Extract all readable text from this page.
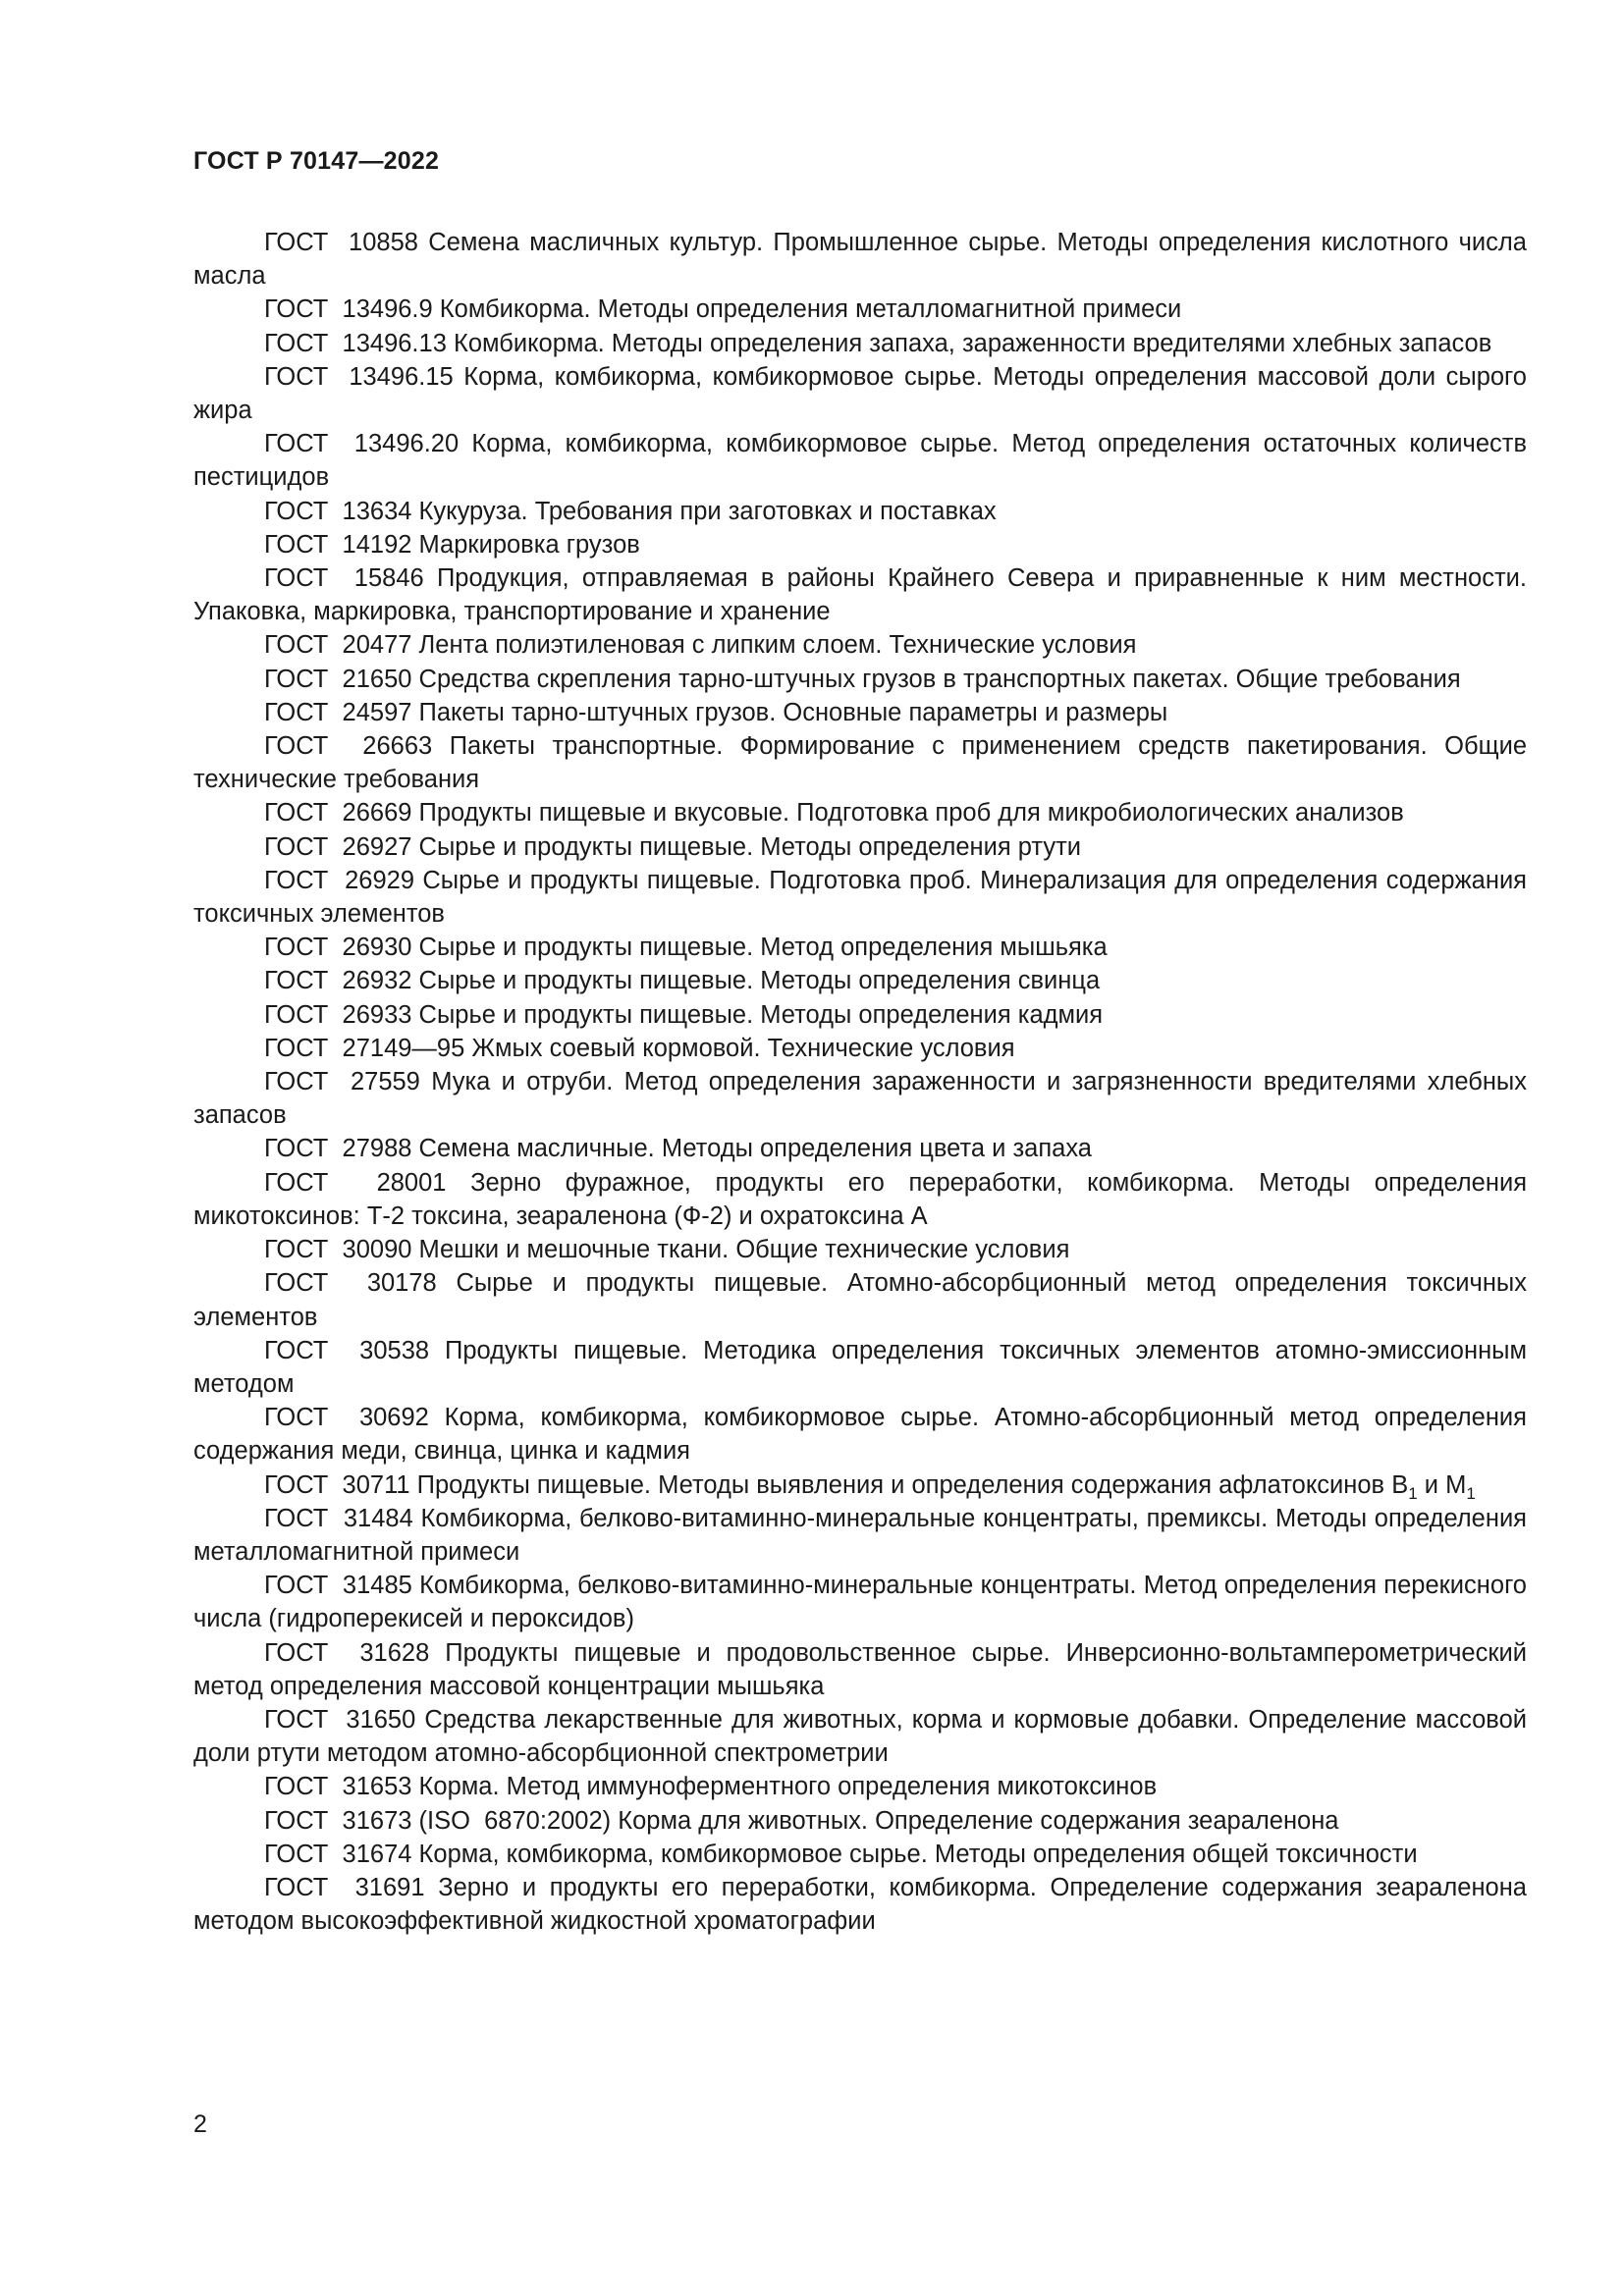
ГОСТ Р 70147—2022
ГОСТ  10858 Семена масличных культур. Промышленное сырье. Методы определения кислотного числа масла
ГОСТ  13496.9 Комбикорма. Методы определения металломагнитной примеси
ГОСТ  13496.13 Комбикорма. Методы определения запаха, зараженности вредителями хлебных запасов
ГОСТ  13496.15 Корма, комбикорма, комбикормовое сырье. Методы определения массовой доли сырого жира
ГОСТ  13496.20 Корма, комбикорма, комбикормовое сырье. Метод определения остаточных количеств пестицидов
ГОСТ  13634 Кукуруза. Требования при заготовках и поставках
ГОСТ  14192 Маркировка грузов
ГОСТ  15846 Продукция, отправляемая в районы Крайнего Севера и приравненные к ним местности. Упаковка, маркировка, транспортирование и хранение
ГОСТ  20477 Лента полиэтиленовая с липким слоем. Технические условия
ГОСТ  21650 Средства скрепления тарно-штучных грузов в транспортных пакетах. Общие требования
ГОСТ  24597 Пакеты тарно-штучных грузов. Основные параметры и размеры
ГОСТ  26663 Пакеты транспортные. Формирование с применением средств пакетирования. Общие технические требования
ГОСТ  26669 Продукты пищевые и вкусовые. Подготовка проб для микробиологических анализов
ГОСТ  26927 Сырье и продукты пищевые. Методы определения ртути
ГОСТ  26929 Сырье и продукты пищевые. Подготовка проб. Минерализация для определения содержания токсичных элементов
ГОСТ  26930 Сырье и продукты пищевые. Метод определения мышьяка
ГОСТ  26932 Сырье и продукты пищевые. Методы определения свинца
ГОСТ  26933 Сырье и продукты пищевые. Методы определения кадмия
ГОСТ  27149—95 Жмых соевый кормовой. Технические условия
ГОСТ  27559 Мука и отруби. Метод определения зараженности и загрязненности вредителями хлебных запасов
ГОСТ  27988 Семена масличные. Методы определения цвета и запаха
ГОСТ  28001 Зерно фуражное, продукты его переработки, комбикорма. Методы определения микотоксинов: Т-2 токсина, зеараленона (Ф-2) и охратоксина А
ГОСТ  30090 Мешки и мешочные ткани. Общие технические условия
ГОСТ  30178 Сырье и продукты пищевые. Атомно-абсорбционный метод определения токсичных элементов
ГОСТ  30538 Продукты пищевые. Методика определения токсичных элементов атомно-эмиссионным методом
ГОСТ  30692 Корма, комбикорма, комбикормовое сырье. Атомно-абсорбционный метод определения содержания меди, свинца, цинка и кадмия
ГОСТ  30711 Продукты пищевые. Методы выявления и определения содержания афлатоксинов $B_1$ и $M_1$
ГОСТ  31484 Комбикорма, белково-витаминно-минеральные концентраты, премиксы. Методы определения металломагнитной примеси
ГОСТ  31485 Комбикорма, белково-витаминно-минеральные концентраты. Метод определения перекисного числа (гидроперекисей и пероксидов)
ГОСТ  31628 Продукты пищевые и продовольственное сырье. Инверсионно-вольтамперометрический метод определения массовой концентрации мышьяка
ГОСТ  31650 Средства лекарственные для животных, корма и кормовые добавки. Определение массовой доли ртути методом атомно-абсорбционной спектрометрии
ГОСТ  31653 Корма. Метод иммуноферментного определения микотоксинов
ГОСТ  31673 (ISO  6870:2002) Корма для животных. Определение содержания зеараленона
ГОСТ  31674 Корма, комбикорма, комбикормовое сырье. Методы определения общей токсичности
ГОСТ  31691 Зерно и продукты его переработки, комбикорма. Определение содержания зеараленона методом высокоэффективной жидкостной хроматографии
2
